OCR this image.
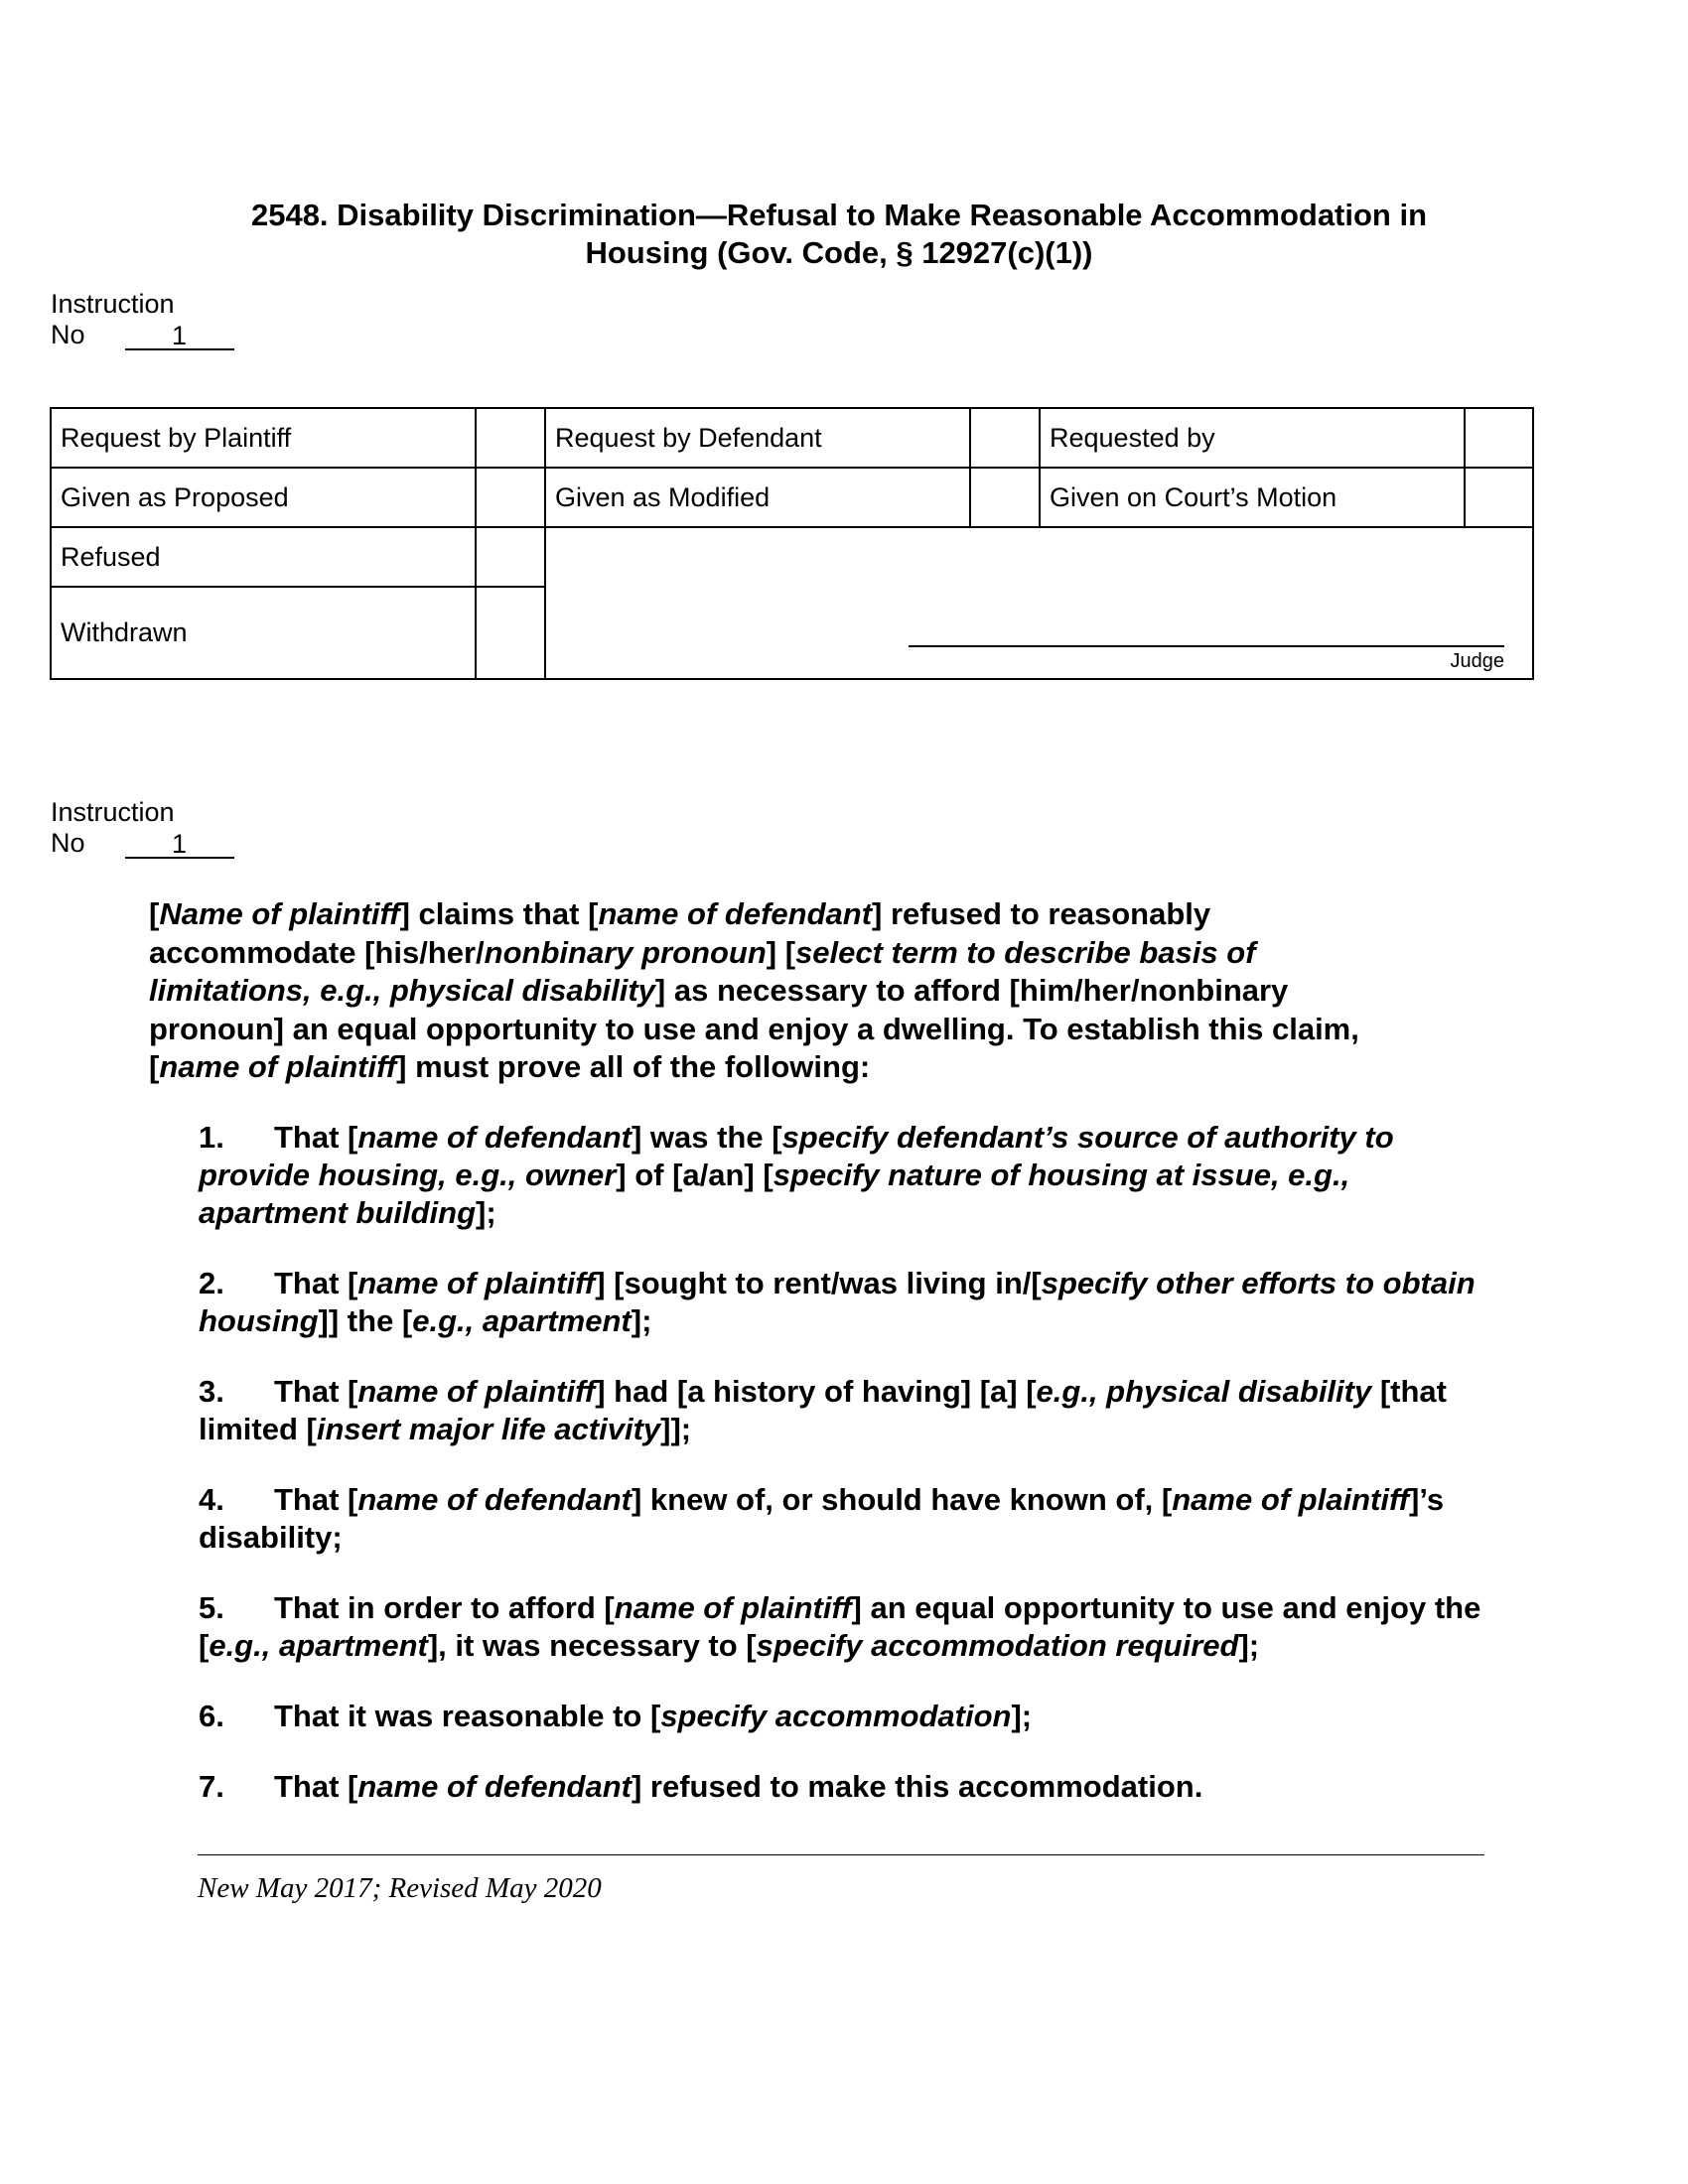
2548. Disability Discrimination—Refusal to Make Reasonable Accommodation in
Housing (Gov. Code, § 12927(c)(1))
Instruction
No	1
Request by Plaintiff		Request by Defendant		Requested by	
Given as Proposed		Given as Modified		Given on Court’s Motion	
Refused		Judge			

Withdrawn					
Instruction
No	1

[Name of plaintiff] claims that [name of defendant] refused to reasonably accommodate [his/her/nonbinary pronoun] [select term to describe basis of limitations, e.g., physical disability] as necessary to afford [him/her/nonbinary pronoun] an equal opportunity to use and enjoy a dwelling. To establish this claim, [name of plaintiff] must prove all of the following:

1. That [name of defendant] was the [specify defendant’s source of authority to provide housing, e.g., owner] of [a/an] [specify nature of housing at issue, e.g., apartment building];
2. That [name of plaintiff] [sought to rent/was living in/[specify other efforts to obtain housing]] the [e.g., apartment];
3. That [name of plaintiff] had [a history of having] [a] [e.g., physical disability [that limited [insert major life activity]];
4. That [name of defendant] knew of, or should have known of, [name of plaintiff]’s disability;
5. That in order to afford [name of plaintiff] an equal opportunity to use and enjoy the [e.g., apartment], it was necessary to [specify accommodation required];
6. That it was reasonable to [specify accommodation];
7. That [name of defendant] refused to make this accommodation.
New May 2017; Revised May 2020
